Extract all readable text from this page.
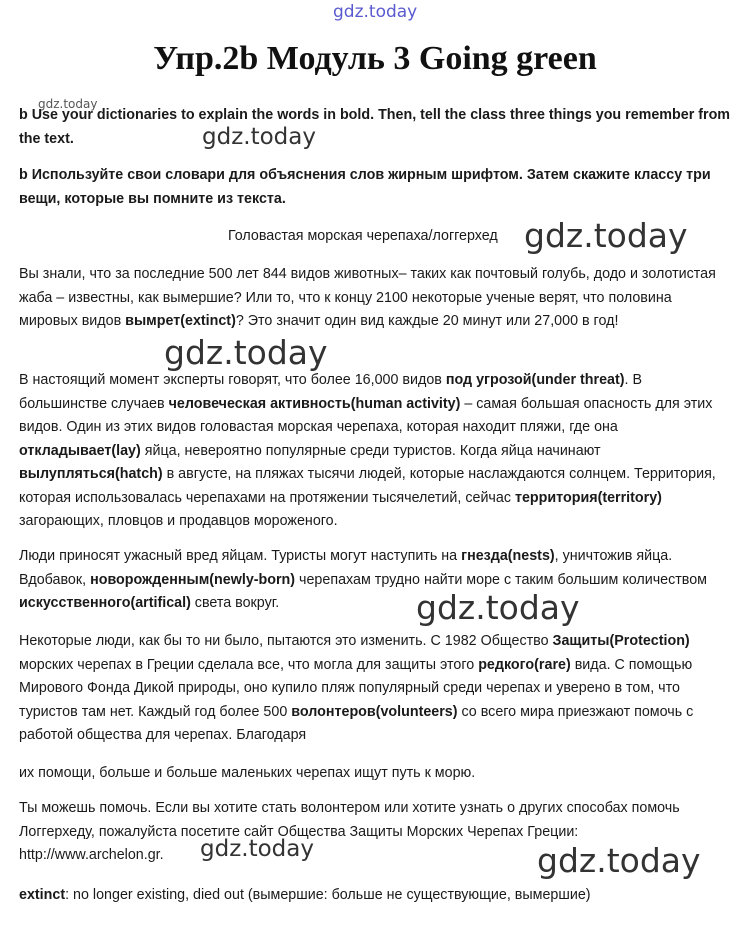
gdz.today
Упр.2b Модуль 3 Going green
gdz.today

b Use your dictionaries to explain the words in bold. Then, tell the class three things you remember from the text.	gdz.today

b Используйте свои словари для объяснения слов жирным шрифтом. Затем скажите классу три вещи, которые вы помните из текста.

Головастая морская черепаха/логгерхед gdz.today

Вы знали, что за последние 500 лет 844 видов животных– таких как почтовый голубь, додо и золотистая жаба – известны, как вымершие? Или то, что к концу 2100 некоторые ученые верят, что половина мировых видов вымрет(extinct)? Это значит один вид каждые 20 минут или 27,000 в год!

gdz.today

В настоящий момент эксперты говорят, что более 16,000 видов под угрозой(under threat). В большинстве случаев человеческая активность(human activity) – самая большая опасность для этих видов. Один из этих видов головастая морская черепаха, которая находит пляжи, где она откладывает(lay) яйца, невероятно популярные среди туристов. Когда яйца начинают вылупляться(hatch) в августе, на пляжах тысячи людей, которые наслаждаются солнцем. Территория, которая использовалась черепахами на протяжении тысячелетий, сейчас территория(territory) загорающих, пловцов и продавцов мороженого.

Люди приносят ужасный вред яйцам. Туристы могут наступить на гнезда(nests), уничтожив яйца. Вдобавок, новорожденным(newly-born) черепахам трудно найти море с таким большим количеством искусственного(artifical) света вокруг.	gdz.today

Некоторые люди, как бы то ни было, пытаются это изменить. С 1982 Общество Защиты(Protection) морских черепах в Греции сделала все, что могла для защиты этого редкого(rare) вида. С помощью Мирового Фонда Дикой природы, оно купило пляж популярный среди черепах и уверено в том, что туристов там нет. Каждый год более 500 волонтеров(volunteers) со всего мира приезжают помочь с работой общества для черепах. Благодаря

их помощи, больше и больше маленьких черепах ищут путь к морю.

Ты можешь помочь. Если вы хотите стать волонтером или хотите узнать о других способах помочь Логгерхеду, пожалуйста посетите сайт Общества Защиты Морских Черепах Греции: http://www.archelon.gr.	gdz.today	gdz.today

extinct: no longer existing, died out (вымершие: больше не существующие, вымершие)
